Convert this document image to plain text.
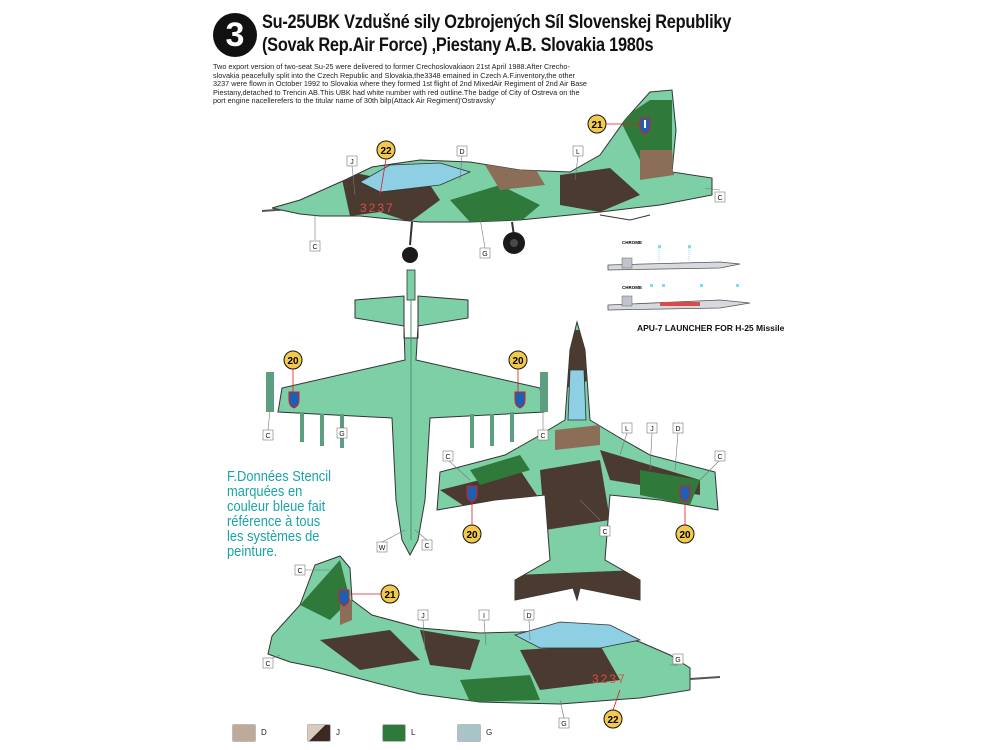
3 Su-25UBK Vzdušné sily Ozbrojených Síl Slovenskej Republiky
(Sovak Rep.Air Force) ,Piestany A.B. Slovakia 1980s
Two export version of two-seat Su-25 were delivered to former Crechoslovakiaon 21st April 1988.After Crecho-slovakia peacefully split into the Czech Republic and Slovakia,the3348 emained in Czech A.F.inventory,the other 3237 were flown in October 1992 to Slovakia where they formed 1st flight of 2nd MixedAir Regiment of 2nd Air Base Piestany,detached to Trencin AB.This UBK had white number with red outline.The badge of City of Ostreva on the port engine nacellerefers to the titular name of 30th bilp(Attack Air Regiment)'Ostravsky'
3237
CHROME
CHROME
3237
21
22
20	20
20	20
21
22
J
D	L
C
G
C
C	C
G
C	C
C
L	J	D
W	C
C
J	I	D
C
G
G
APU-7 LAUNCHER FOR H-25 Missile
F.Données Stencil marquées en couleur bleue fait référence à tous les systèmes de peinture.
D	J	L	G
